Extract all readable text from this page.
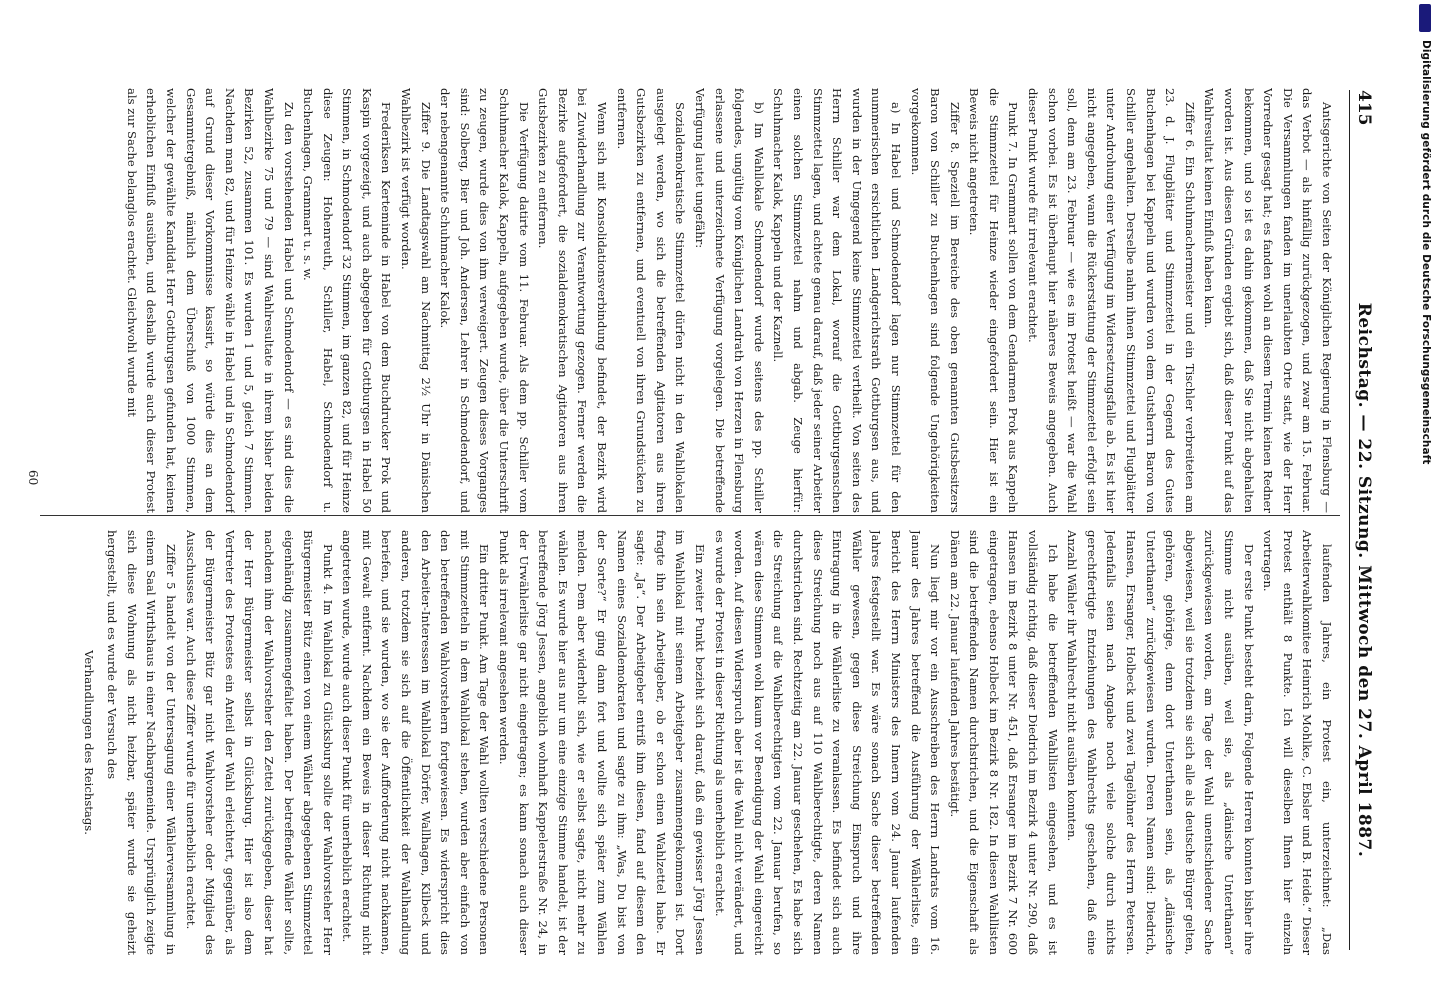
Digitalisierung gefördert durch die Deutsche Forschungsgemeinschaft
415
Reichstag. — 22. Sitzung. Mittwoch den 27. April 1887.

Antsgerichte von Seiten der Königlichen Regierung in Flensburg — das Verbot — als hinfällig zurückgezogen, und zwar am 15. Februar. Die Versammlungen fanden im unerlaubten Orte statt, wie der Herr Vorredner gesagt hat; es fanden wohl an diesem Termin keinen Redner bekommen, und so ist es dahin gekommen, daß Sie nicht abgehalten worden ist. Aus diesen Gründen ergiebt sich, daß dieser Punkt auf das Wahlresultat keinen Einfluß haben kann.

Ziffer 6. Ein Schuhmachermeister und ein Tischler verbreiteten am 23. d. J. Flugblätter und Stimmzettel in der Gegend des Gutes Buchenhagen bei Kappeln und wurden von dem Gutsherrn Baron von Schiller angehalten. Derselbe nahm ihnen Stimmzettel und Flugblätter unter Androhung einer Verfügung im Widersetzungsfalle ab. Es ist hier nicht angegeben, wann die Rückerstattung der Stimmzettel erfolgt sein soll, denn am 23. Februar — wie es im Protest heißt — war die Wahl schon vorbei. Es ist überhaupt hier näheres Beweis angegeben. Auch dieser Punkt wurde für irrelevant erachtet.

Punkt 7. In Grammart sollen von dem Gendarmen Prok aus Kappeln die Stimmzettel für Heinze wieder eingefordert sein. Hier ist ein Beweis nicht angetreten.

Ziffer 8. Speziell im Bereiche des oben genannten Gutsbesitzers Baron von Schiller zu Buchenhagen sind folgende Ungehörigkeiten vorgekommen.

a) In Habel und Schmodendorf lagen nur Stimmzettel für den nummerischen ersichtlichen Landgerichtsrath Gottburgsen aus, und wurden in der Umgegend keine Stimmzettel vertheilt. Von seiten des Herrn Schiller war dem Lokal, worauf die Gottburgsenschen Stimmzettel lagen, und achtete genau darauf, daß jeder seiner Arbeiter einen solchen Stimmzettel nahm und abgab. Zeuge hierfür: Schuhmacher Kalok, Kappeln und der Kaznell.

b) Im Wahllokale Schmodendorf wurde seitens des pp. Schiller folgendes, ungültig vom Königlichen Landrath von Herzen in Flensburg erlassene und unterzeichnete Verfügung vorgelegen. Die betreffende Verfügung lautet ungefähr:

Sozialdemokratische Stimmzettel dürfen nicht in den Wahllokalen ausgelegt werden, wo sich die betreffenden Agitatoren aus ihren Gutsbezirken zu entfernen, und eventuell von ihren Grundstücken zu entfernen.

Wenn sich mit Konsolidationsverbindung befindet, der Bezirk wird bei Zuwiderhandlung zur Verantwortung gezogen. Ferner werden die Bezirke aufgefordert, die sozialdemokratischen Agitatoren aus ihren Gutsbezirken zu entfernen.

Die Verfügung datirte vom 11. Februar. Als dem pp. Schiller vom Schuhmacher Kalok, Kappeln, aufgegeben wurde, über die Unterschrift zu zeugen, wurde dies von ihm verweigert. Zeugen dieses Vorganges sind: Solberg, Bier und Joh. Andersen, Lehrer in Schmodendorf, und der nebengenannte Schuhmacher Kalok.

Ziffer 9. Die Landtagswahl am Nachmittag 2½ Uhr in Dänischen Wahlbezirk ist verfügt worden.

Frederiksen Kerteminde in Habel von dem Buchdrucker Prok und Kaspin vorgezeigt, und auch abgegeben für Gottburgsen in Habel 50 Stimmen, in Schmodendorf 32 Stimmen, im ganzen 82, und für Heinze diese Zeugen: Hohenreuth, Schiller, Habel, Schmodendorf u. Buchenhagen, Grammart u. s. w.

Zu den vorstehenden Habel und Schmodendorf — es sind dies die Wahlbezirke 75 und 79 — sind Wahlresultate in ihrem bisher beiden Bezirken 52, zusammen 101. Es wurden 1 und 5, gleich 7 Stimmen. Nachdem man 82, und für Heinze wähle in Habel und in Schmodendorf auf Grund dieser Vorkommnisse kassirt, so würde dies an dem Gesammtergebniß, nämlich dem Überschuß von 1000 Stimmen, welcher der gewählte Kandidat Herr Gottburgsen gefunden hat, keinen erheblichen Einfluß ausüben, und deshalb wurde auch dieser Protest als zur Sache belanglos erachtet. Gleichwohl wurde mit

laufenden Jahres, ein Protest ein, unterzeichnet: „Das Arbeiterwahlkomitee Heinrich Mohlke, C. Ebsler und B. Heide.“ Dieser Protest enthält 8 Punkte. Ich will dieselben Ihnen hier einzeln vortragen.

Der erste Punkt besteht darin, Folgende Herren konnten bisher ihre Stimme nicht ausüben, weil sie, als „dänische Unterthanen“ zurückgewiesen worden, am Tage der Wahl unentschiedener Sache abgewiesen, weil sie trotzdem sie sich alle als deutsche Bürger gelten, gehören, gehörige, denn dort Unterthanen sein, als „dänische Unterthanen“ zurückgewiesen wurden. Deren Namen sind: Diedrich, Hansen, Ersanger, Holbeck und zwei Tagelöhner des Herrn Petersen. Jedenfalls seien nach Angabe noch viele solche durch nichts gerechtfertigte Entziehungen des Wahlrechts geschehen, daß eine Anzahl Wähler ihr Wahlrecht nicht ausüben konnten.

Ich habe die betreffenden Wahllisten eingesehen, und es ist vollständig richtig, daß dieser Diedrich im Bezirk 4 unter Nr. 290, daß Hansen im Bezirk 8 unter Nr. 451, daß Ersanger im Bezirk 7 Nr. 600 eingetragen, ebenso Holbeck im Bezirk 8 Nr. 182. In diesen Wahllisten sind die betreffenden Namen durchstrichen, und die Eigenschaft als Dänen am 22. Januar laufenden Jahres bestätigt.

Nun liegt mir vor ein Ausschreiben des Herrn Landrats vom 16. Januar des Jahres betreffend die Ausführung der Wählerliste, ein Bericht des Herrn Ministers des Innern vom 24. Januar laufenden Jahres festgestellt war. Es wäre sonach Sache dieser betreffenden Wähler gewesen, gegen diese Streichung Einspruch und ihre Eintragung in die Wählerliste zu veranlassen. Es befindet sich auch diese Streichung noch aus auf 110 Wahlberechtigte, deren Namen durchstrichen sind. Rechtzeitig am 22. Januar geschehen, Es habe sich die Streichung auf die Wahlberechtigten vom 22. Januar berufen, so wären diese Stimmen wohl kaum vor Beendigung der Wahl eingereicht worden. Auf diesen Widerspruch aber ist die Wahl nicht verändert, und es wurde der Protest in dieser Richtung als unerheblich erachtet.

Ein zweiter Punkt bezieht sich darauf, daß ein gewisser Jörg Jessen im Wahllokal mit seinem Arbeitgeber zusammengekommen ist. Dort fragte ihn sein Arbeitgeber, ob er schon einen Wahlzettel habe. Er sagte: „Ja“. Der Arbeitgeber entriß ihm diesen, fand auf diesem den Namen eines Sozialdemokraten und sagte zu ihm: „Was, Du bist von der Sorte?“ Er ging dann fort und wollte sich später zum Wählen melden. Dem aber widerholt sich, wie er selbst sagte, nicht mehr zu wählen. Es wurde hier aus nur um eine einzige Stimme handelt, ist der betreffende Jörg Jessen, angeblich wohnhaft Kappelerstraße Nr. 24, in der Urwählerliste gar nicht eingetragen; es kann sonach auch dieser Punkt als irrelevant angesehen werden.

Ein dritter Punkt. Am Tage der Wahl wollten verschiedene Personen mit Stimmzetteln in dem Wahllokal stehen, wurden aber einfach von den betreffenden Wahlvorstehern fortgewiesen. Es widerspricht dies den Arbeiter-Interessen im Wahllokal Dörfer, Wallhagen, Kilbeck und anderen, trotzdem sie sich auf die Öffentlichkeit der Wahlhandlung beriefen, und sie wurden, wo sie der Aufforderung nicht nachkamen, mit Gewalt entfernt. Nachdem ein Beweis in dieser Richtung nicht angetreten wurde, wurde auch dieser Punkt für unerheblich erachtet.

Punkt 4. Im Wahllokal zu Glücksburg sollte der Wahlvorsteher Herr Bürgermeister Bütz einen von einem Wähler abgegebenen Stimmzettel eigenhändig zusammengefaltet haben. Der betreffende Wähler sollte, nachdem ihm der Wahlvorsteher den Zettel zurückgegeben, dieser hat der Herr Bürgermeister selbst in Glücksburg. Hier ist also dem Vertreter des Protestes ein Anteil der Wahl erleichtert, gegenüber, als der Bürgermeister Bütz gar nicht Wahlvorsteher oder Mitglied des Ausschusses war. Auch diese Ziffer wurde für unerheblich erachtet.

Ziffer 5 handelt von der Untersagung einer Wählerversammlung in einem Saal Wirthshaus in einer Nachbargemeinde. Ursprünglich zeigte sich diese Wohnung als nicht heizbar, später wurde sie geheizt hergestellt, und es wurde der Versuch des

Verhandlungen des Reichstags.

60
